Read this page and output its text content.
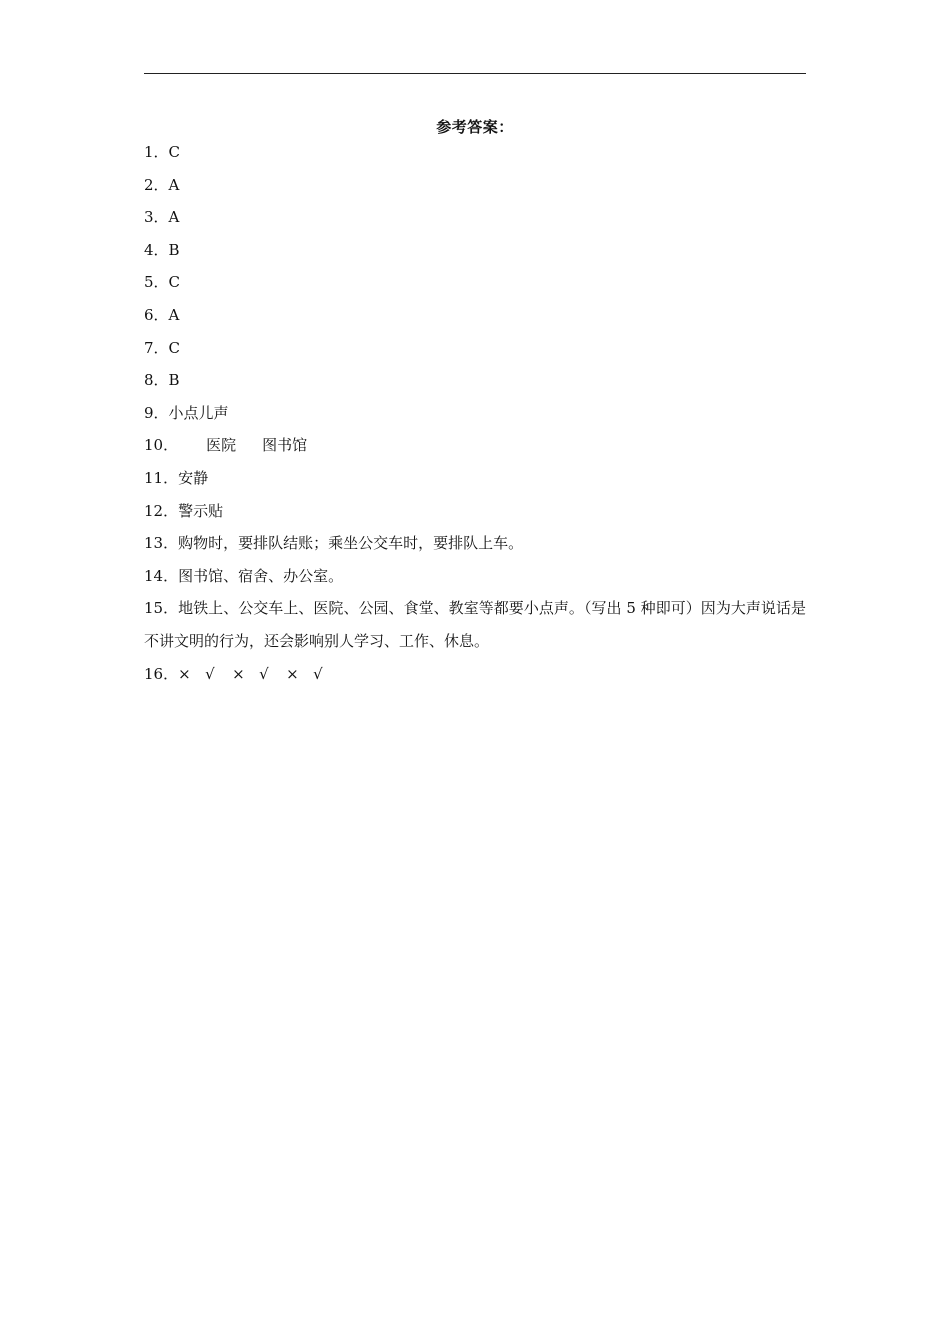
参考答案：
1． C
2． A
3． A
4． B
5． C
6． A
7． C
8． B
9． 小点儿声
10． 医院 图书馆
11． 安静
12． 警示贴
13． 购物时，要排队结账；乘坐公交车时，要排队上车。
14． 图书馆、宿舍、办公室。
15．地铁上、公交车上、医院、公园、食堂、教室等都要小点声。（写出 5 种即可）因为大声说话是不讲文明的行为，还会影响别人学习、工作、休息。
16． × √	× √	× √
